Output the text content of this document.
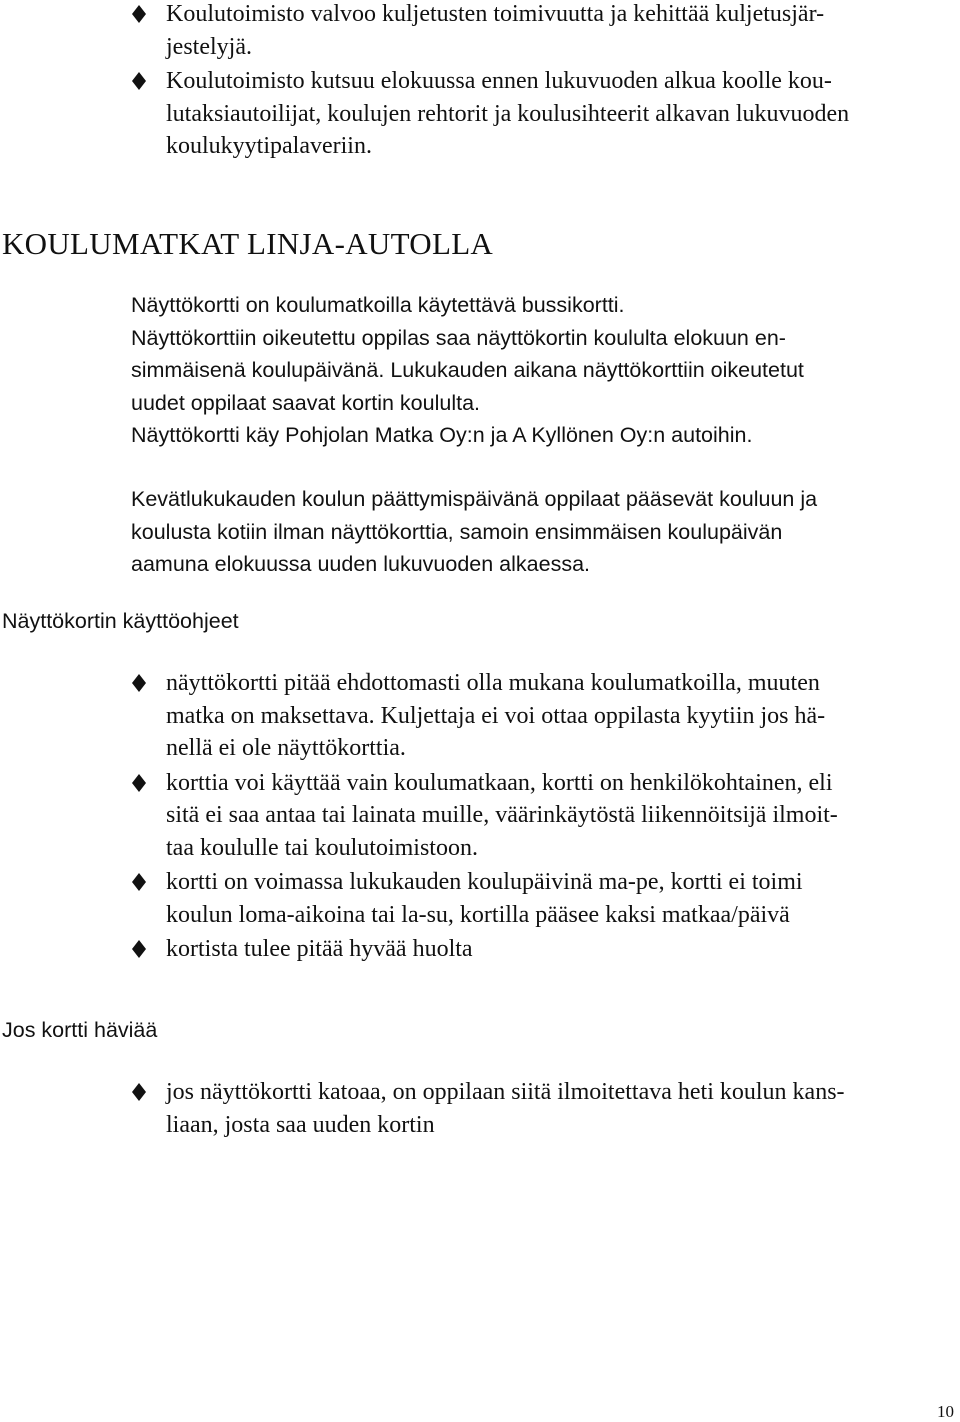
Koulutoimisto valvoo kuljetusten toimivuutta ja kehittää kuljetusjär-
jestelyjä.
Koulutoimisto kutsuu elokuussa ennen lukuvuoden alkua koolle kou-
lutaksiautoilijat, koulujen rehtorit ja koulusihteerit alkavan lukuvuoden
koulukyytipalaveriin.
KOULUMATKAT LINJA-AUTOLLA

Näyttökortti on koulumatkoilla käytettävä bussikortti.
Näyttökorttiin oikeutettu oppilas saa näyttökortin koululta elokuun en-
simmäisenä koulupäivänä. Lukukauden aikana näyttökorttiin oikeutetut
uudet oppilaat saavat kortin koululta.
Näyttökortti käy Pohjolan Matka Oy:n ja A Kyllönen Oy:n autoihin.

Kevätlukukauden koulun päättymispäivänä oppilaat pääsevät kouluun ja
koulusta kotiin ilman näyttökorttia, samoin ensimmäisen koulupäivän
aamuna elokuussa uuden lukuvuoden alkaessa.

Näyttökortin käyttöohjeet
näyttökortti pitää ehdottomasti olla mukana koulumatkoilla, muuten
matka on maksettava. Kuljettaja ei voi ottaa oppilasta kyytiin jos hä-
nellä ei ole näyttökorttia.
korttia voi käyttää vain koulumatkaan, kortti on henkilökohtainen, eli
sitä ei saa antaa tai lainata muille, väärinkäytöstä liikennöitsijä ilmoit-
taa koululle tai koulutoimistoon.
kortti on voimassa lukukauden koulupäivinä ma-pe, kortti ei toimi
koulun loma-aikoina tai la-su, kortilla pääsee kaksi matkaa/päivä
kortista tulee pitää hyvää huolta
Jos kortti häviää
jos näyttökortti katoaa, on oppilaan siitä ilmoitettava heti koulun kans-
liaan, josta saa uuden kortin
10
